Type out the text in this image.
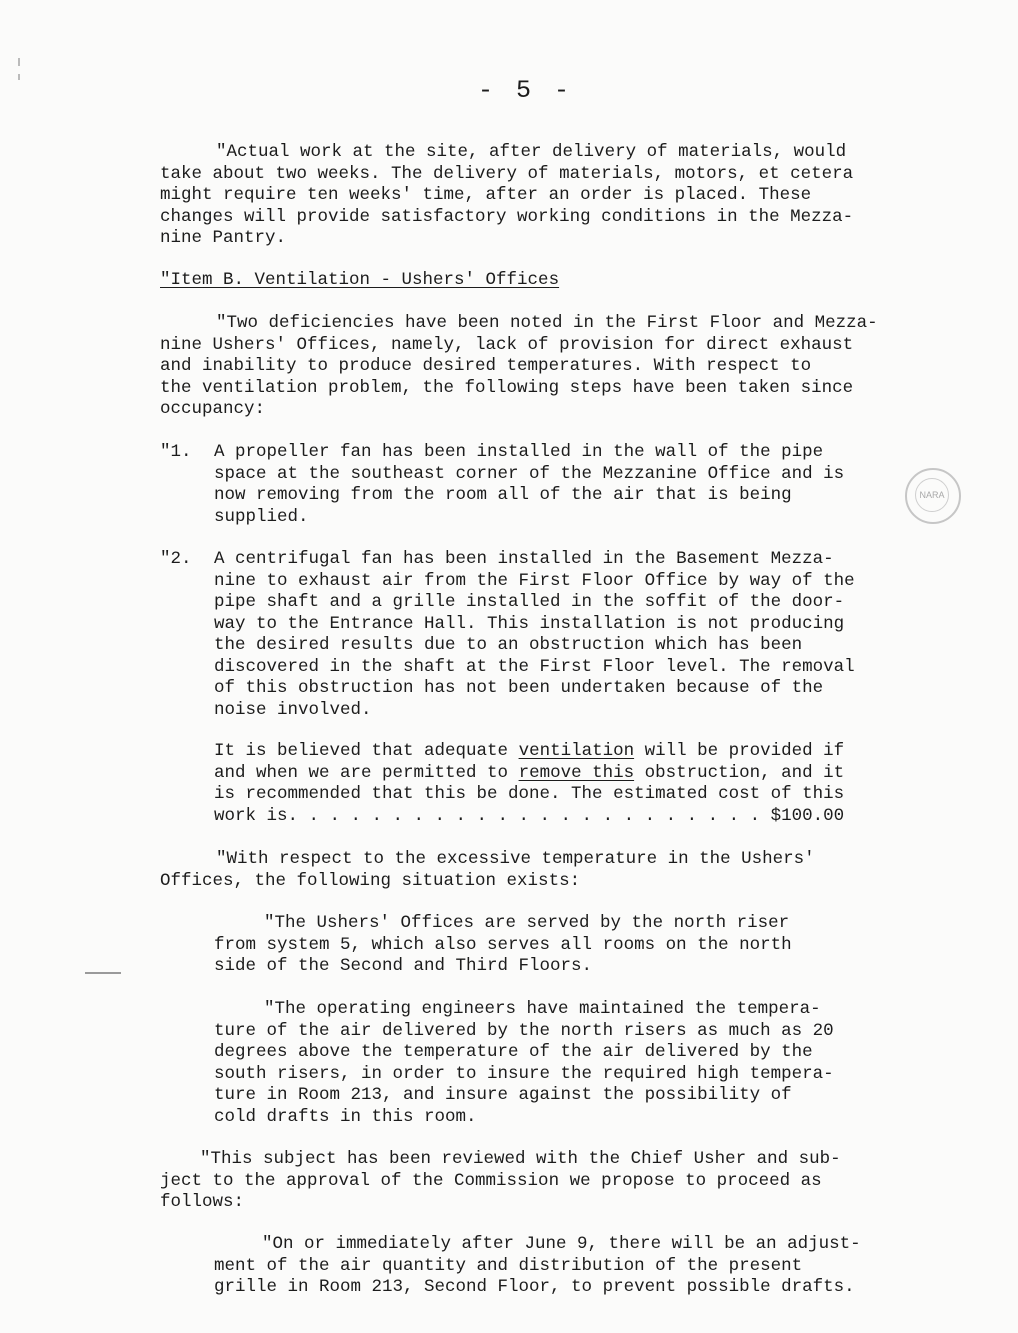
- 5 -
"Actual work at the site, after delivery of materials, would
take about two weeks. The delivery of materials, motors, et cetera
might require ten weeks' time, after an order is placed. These
changes will provide satisfactory working conditions in the Mezza-
nine Pantry.
"Item B. Ventilation - Ushers' Offices
"Two deficiencies have been noted in the First Floor and Mezza-
nine Ushers' Offices, namely, lack of provision for direct exhaust
and inability to produce desired temperatures. With respect to
the ventilation problem, the following steps have been taken since
occupancy:
"1. A propeller fan has been installed in the wall of the pipe
space at the southeast corner of the Mezzanine Office and is
now removing from the room all of the air that is being
supplied.
"2. A centrifugal fan has been installed in the Basement Mezza-
nine to exhaust air from the First Floor Office by way of the
pipe shaft and a grille installed in the soffit of the door-
way to the Entrance Hall. This installation is not producing
the desired results due to an obstruction which has been
discovered in the shaft at the First Floor level. The removal
of this obstruction has not been undertaken because of the
noise involved.
It is believed that adequate ventilation will be provided if
and when we are permitted to remove this obstruction, and it
is recommended that this be done. The estimated cost of this
work is. . . . . . . . . . . . . . . . . . . . . . . $100.00
"With respect to the excessive temperature in the Ushers'
Offices, the following situation exists:
"The Ushers' Offices are served by the north riser
from system 5, which also serves all rooms on the north
side of the Second and Third Floors.
"The operating engineers have maintained the tempera-
ture of the air delivered by the north risers as much as 20
degrees above the temperature of the air delivered by the
south risers, in order to insure the required high tempera-
ture in Room 213, and insure against the possibility of
cold drafts in this room.
"This subject has been reviewed with the Chief Usher and sub-
ject to the approval of the Commission we propose to proceed as
follows:
"On or immediately after June 9, there will be an adjust-
ment of the air quantity and distribution of the present
grille in Room 213, Second Floor, to prevent possible drafts.
NARA
